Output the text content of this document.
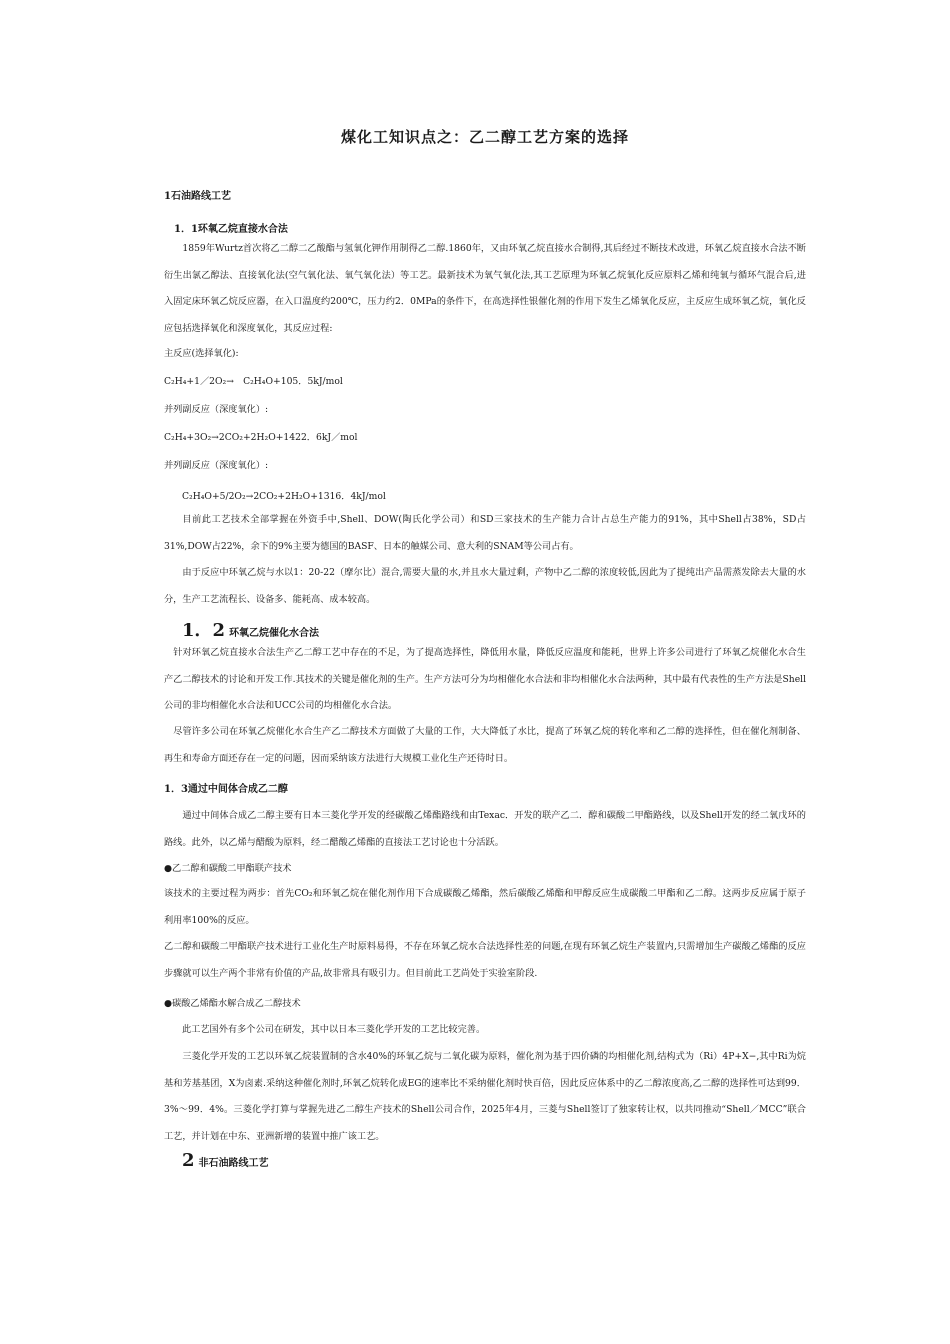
煤化工知识点之：乙二醇工艺方案的选择
1石油路线工艺
1．1环氧乙烷直接水合法
1859年Wurtz首次将乙二醇二乙酸酯与氢氧化钾作用制得乙二醇.1860年，又由环氧乙烷直接水合制得,其后经过不断技术改进，环氧乙烷直接水合法不断衍生出氯乙醇法、直接氧化法(空气氧化法、氧气氧化法）等工艺。最新技术为氧气氧化法,其工艺原理为环氧乙烷氧化反应原料乙烯和纯氧与循环气混合后,进入固定床环氧乙烷反应器，在入口温度约200℃，压力约2．0MPa的条件下，在高选择性银催化剂的作用下发生乙烯氧化反应，主反应生成环氧乙烷，氧化反应包括选择氧化和深度氧化，其反应过程:
主反应(选择氧化):
C₂H₄+1／2O₂→　C₂H₄O+105．5kJ/mol
并列副反应（深度氧化）:
C₂H₄+3O₂→2CO₂+2H₂O+1422．6kJ／mol
并列副反应（深度氧化）:
C₂H₄O+5/2O₂→2CO₂+2H₂O+1316．4kJ/mol
目前此工艺技术全部掌握在外资手中,Shell、DOW(陶氏化学公司）和SD三家技术的生产能力合计占总生产能力的91%，其中Shell占38%，SD占31%,DOW占22%，余下的9%主要为德国的BASF、日本的触媒公司、意大利的SNAM等公司占有。
由于反应中环氧乙烷与水以1：20-22（摩尔比）混合,需要大量的水,并且水大量过剩，产物中乙二醇的浓度较低,因此为了提纯出产品需蒸发除去大量的水分，生产工艺流程长、设备多、能耗高、成本较高。
1．2 环氧乙烷催化水合法
针对环氧乙烷直接水合法生产乙二醇工艺中存在的不足，为了提高选择性，降低用水量，降低反应温度和能耗，世界上许多公司进行了环氧乙烷催化水合生产乙二醇技术的讨论和开发工作.其技术的关键是催化剂的生产。生产方法可分为均相催化水合法和非均相催化水合法两种，其中最有代表性的生产方法是Shell公司的非均相催化水合法和UCC公司的均相催化水合法。
尽管许多公司在环氧乙烷催化水合生产乙二醇技术方面做了大量的工作，大大降低了水比，提高了环氧乙烷的转化率和乙二醇的选择性，但在催化剂制备、再生和寿命方面还存在一定的问题，因而采纳该方法进行大规模工业化生产还待时日。
1．3通过中间体合成乙二醇
通过中间体合成乙二醇主要有日本三菱化学开发的经碳酸乙烯酯路线和由Texac．开发的联产乙二．醇和碳酸二甲酯路线，以及Shell开发的经二氧戊环的路线。此外，以乙烯与醋酸为原料，经二醋酸乙烯酯的直接法工艺讨论也十分活跃。
●乙二醇和碳酸二甲酯联产技术
该技术的主要过程为两步：首先CO₂和环氧乙烷在催化剂作用下合成碳酸乙烯酯，然后碳酸乙烯酯和甲醇反应生成碳酸二甲酯和乙二醇。这两步反应属于原子利用率100%的反应。
乙二醇和碳酸二甲酯联产技术进行工业化生产时原料易得，不存在环氧乙烷水合法选择性差的问题,在现有环氧乙烷生产装置内,只需增加生产碳酸乙烯酯的反应步骤就可以生产两个非常有价值的产品,故非常具有吸引力。但目前此工艺尚处于实验室阶段.
●碳酸乙烯酯水解合成乙二醇技术
此工艺国外有多个公司在研发，其中以日本三菱化学开发的工艺比较完善。
三菱化学开发的工艺以环氧乙烷装置制的含水40%的环氧乙烷与二氧化碳为原料，催化剂为基于四价磷的均相催化剂,结构式为（Ri）4P+X−,其中Ri为烷基和芳基基团，X为卤素.采纳这种催化剂时,环氧乙烷转化成EG的速率比不采纳催化剂时快百倍，因此反应体系中的乙二醇浓度高,乙二醇的选择性可达到99．3%～99．4%。三菱化学打算与掌握先进乙二醇生产技术的Shell公司合作，2025年4月，三菱与Shell签订了独家转让权，以共同推动“Shell／MCC”联合工艺，并计划在中东、亚洲新增的装置中推广该工艺。
2 非石油路线工艺
